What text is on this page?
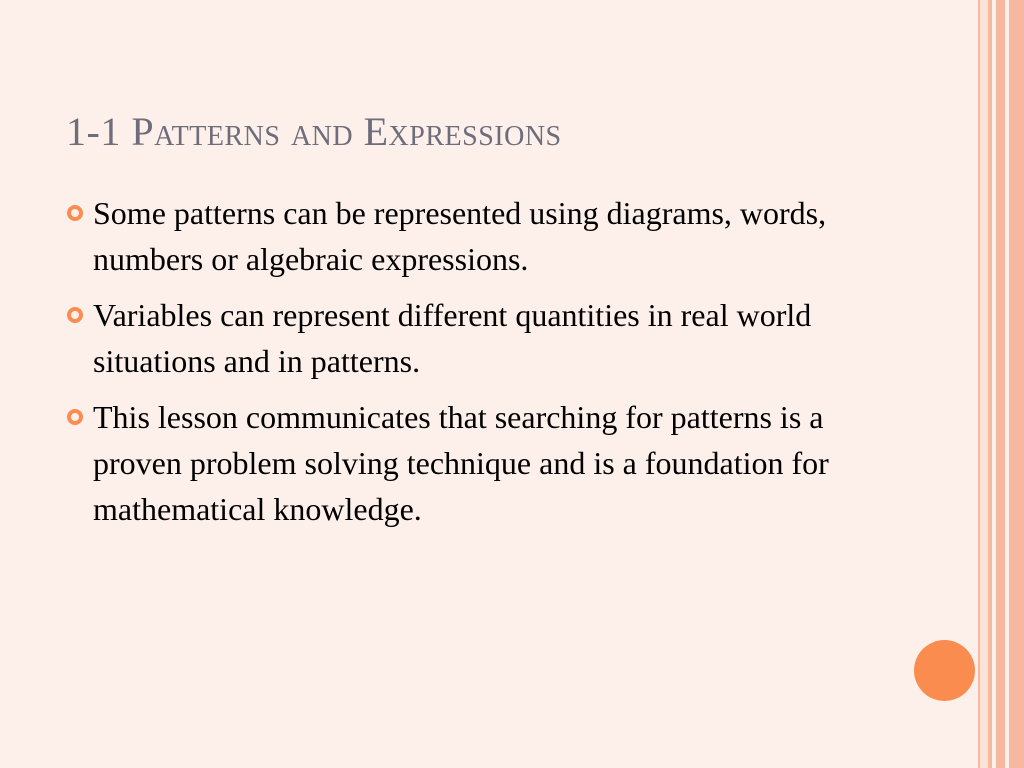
1-1 Patterns and Expressions
Some patterns can be represented using diagrams, words, numbers or algebraic expressions.
Variables can represent different quantities in real world situations and in patterns.
This lesson communicates that searching for patterns is a proven problem solving technique and is a foundation for mathematical knowledge.
